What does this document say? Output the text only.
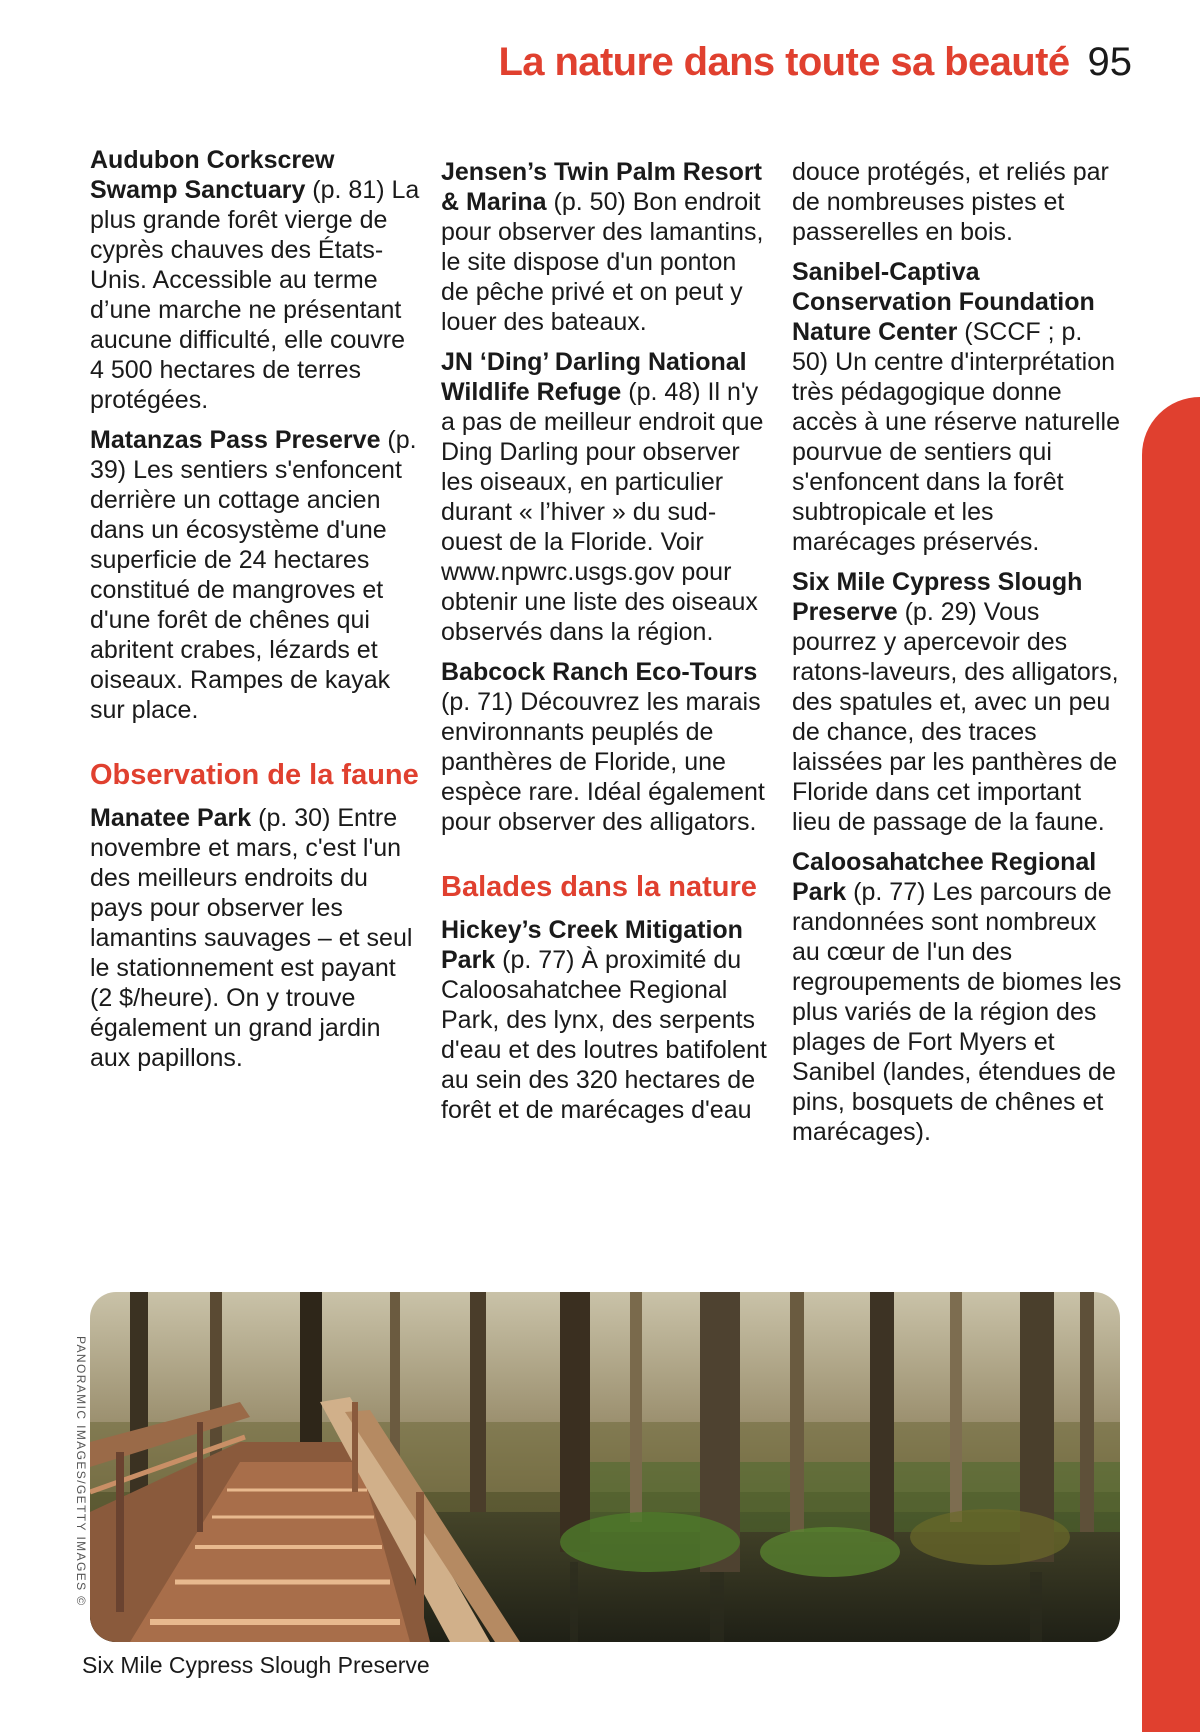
La nature dans toute sa beauté 95

Audubon Corkscrew Swamp Sanctuary (p. 81) La plus grande forêt vierge de cyprès chauves des États-Unis. Accessible au terme d’une marche ne présentant aucune difficulté, elle couvre 4 500 hectares de terres protégées.

Matanzas Pass Preserve (p. 39) Les sentiers s'enfoncent derrière un cottage ancien dans un écosystème d'une superficie de 24 hectares constitué de mangroves et d'une forêt de chênes qui abritent crabes, lézards et oiseaux. Rampes de kayak sur place.

Observation de la faune

Manatee Park (p. 30) Entre novembre et mars, c'est l'un des meilleurs endroits du pays pour observer les lamantins sauvages – et seul le stationnement est payant (2 $/heure). On y trouve également un grand jardin aux papillons.

Jensen’s Twin Palm Resort & Marina (p. 50) Bon endroit pour observer des lamantins, le site dispose d'un ponton de pêche privé et on peut y louer des bateaux.

JN ‘Ding’ Darling National Wildlife Refuge (p. 48) Il n'y a pas de meilleur endroit que Ding Darling pour observer les oiseaux, en particulier durant « l’hiver » du sud-ouest de la Floride. Voir www.npwrc.usgs.gov pour obtenir une liste des oiseaux observés dans la région.

Babcock Ranch Eco-Tours (p. 71) Découvrez les marais environnants peuplés de panthères de Floride, une espèce rare. Idéal également pour observer des alligators.

Balades dans la nature

Hickey’s Creek Mitigation Park (p. 77) À proximité du Caloosahatchee Regional Park, des lynx, des serpents d'eau et des loutres batifolent au sein des 320 hectares de forêt et de marécages d'eau

douce protégés, et reliés par de nombreuses pistes et passerelles en bois.

Sanibel-Captiva Conservation Foundation Nature Center (SCCF ; p. 50) Un centre d'interprétation très pédagogique donne accès à une réserve naturelle pourvue de sentiers qui s'enfoncent dans la forêt subtropicale et les marécages préservés.

Six Mile Cypress Slough Preserve (p. 29) Vous pourrez y apercevoir des ratons-laveurs, des alligators, des spatules et, avec un peu de chance, des traces laissées par les panthères de Floride dans cet important lieu de passage de la faune.

Caloosahatchee Regional Park (p. 77) Les parcours de randonnées sont nombreux au cœur de l'un des regroupements de biomes les plus variés de la région des plages de Fort Myers et Sanibel (landes, étendues de pins, bosquets de chênes et marécages).

PANORAMIC IMAGES/GETTY IMAGES ©
Six Mile Cypress Slough Preserve
